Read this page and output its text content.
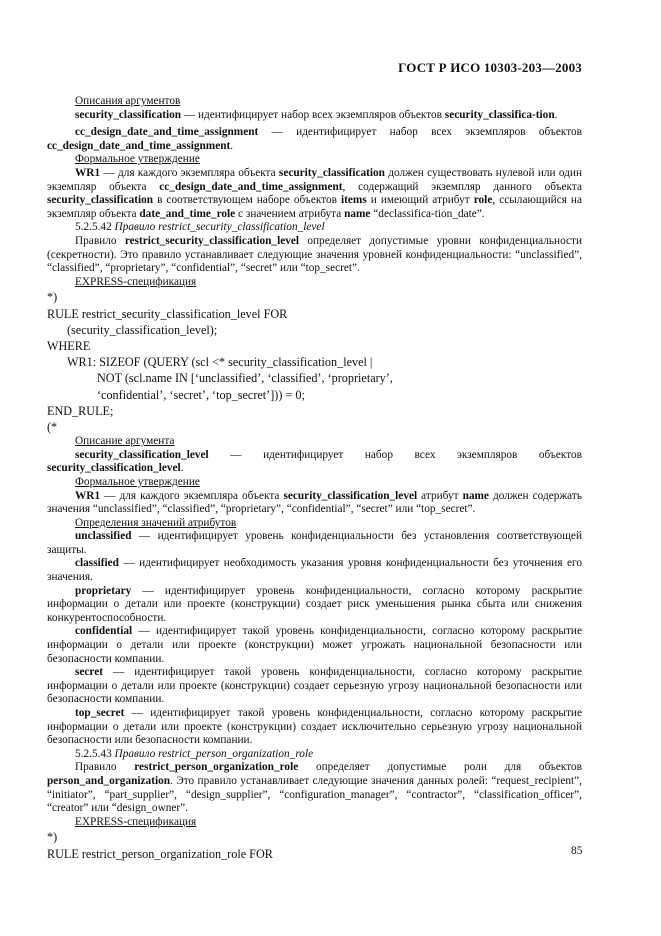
ГОСТ Р ИСО 10303-203—2003

Описания аргументов

security_classification — идентифицирует набор всех экземпляров объектов security_classifica-tion.

cc_design_date_and_time_assignment — идентифицирует набор всех экземпляров объектов cc_design_date_and_time_assignment.

Формальное утверждение

WR1 — для каждого экземпляра объекта security_classification должен существовать нулевой или один экземпляр объекта cc_design_date_and_time_assignment, содержащий экземпляр данного объекта security_classification в соответствующем наборе объектов items и имеющий атрибут role, ссылающийся на экземпляр объекта date_and_time_role с значением атрибута name “declassifica-tion_date”.

5.2.5.42 Правило restrict_security_classification_level

Правило restrict_security_classification_level определяет допустимые уровни конфиденциальности (секретности). Это правило устанавливает следующие значения уровней конфиденциальности: “unclassified”, “classified”, “proprietary”, “confidential”, “secret” или “top_secret”.

EXPRESS-спецификация

*)

RULE restrict_security_classification_level FOR

(security_classification_level);

WHERE

WR1: SIZEOF (QUERY (scl <* security_classification_level |

NOT (scl.name IN [‘unclassified’, ‘classified’, ‘proprietary’,

‘confidential’, ‘secret’, ‘top_secret’])) = 0;

END_RULE;

(*

Описание аргумента

security_classification_level — идентифицирует набор всех экземпляров объектов security_classification_level.

Формальное утверждение

WR1 — для каждого экземпляра объекта security_classification_level атрибут name должен содержать значения “unclassified”, “classified”, “proprietary”, “confidential”, “secret” или “top_secret”.

Определения значений атрибутов

unclassified — идентифицирует уровень конфиденциальности без установления соответствующей защиты.

classified — идентифицирует необходимость указания уровня конфиденциальности без уточнения его значения.

proprietary — идентифицирует уровень конфиденциальности, согласно которому раскрытие информации о детали или проекте (конструкции) создает риск уменьшения рынка сбыта или снижения конкурентоспособности.

confidential — идентифицирует такой уровень конфиденциальности, согласно которому раскрытие информации о детали или проекте (конструкции) может угрожать национальной безопасности или безопасности компании.

secret — идентифицирует такой уровень конфиденциальности, согласно которому раскрытие информации о детали или проекте (конструкции) создает серьезную угрозу национальной безопасности или безопасности компании.

top_secret — идентифицирует такой уровень конфиденциальности, согласно которому раскрытие информации о детали или проекте (конструкции) создает исключительно серьезную угрозу национальной безопасности или безопасности компании.

5.2.5.43 Правило restrict_person_organization_role

Правило restrict_person_organization_role определяет допустимые роли для объектов person_and_organization. Это правило устанавливает следующие значения данных ролей: “request_recipient”, “initiator”, “part_supplier”, “design_supplier”, “configuration_manager”, “contractor”, “classification_officer”, “creator” или “design_owner”.

EXPRESS-спецификация

*)

RULE restrict_person_organization_role FOR	85
